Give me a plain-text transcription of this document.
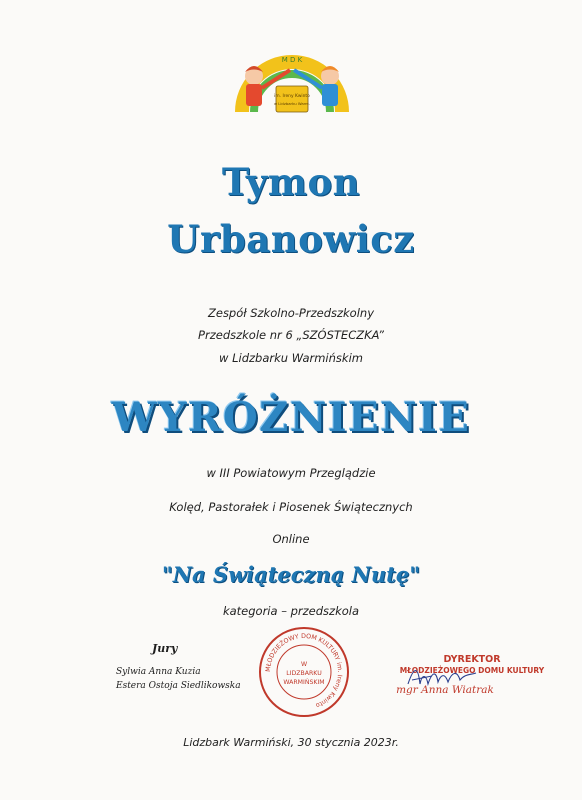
M D K
im. Ireny Kwinto
w Lidzbarku Warm.
Tymon
Urbanowicz
Zespół Szkolno-Przedszkolny
Przedszkole nr 6 „SZÓSTECZKA”
w Lidzbarku Warmińskim
WYRÓŻNIENIE
w III Powiatowym Przeglądzie
Kolęd, Pastorałek i Piosenek Świątecznych
Online
"Na Świąteczną Nutę"
kategoria – przedszkola
Jury
Sylwia Anna Kuzia
Estera Ostoja Siedlikowska
MŁODZIEŻOWY DOM KULTURY im. Ireny Kwinto
W
LIDZBARKU
WARMIŃSKIM
DYREKTOR
MŁODZIEŻOWEGO DOMU KULTURY
mgr Anna Wiatrak
Lidzbark Warmiński, 30 stycznia 2023r.
